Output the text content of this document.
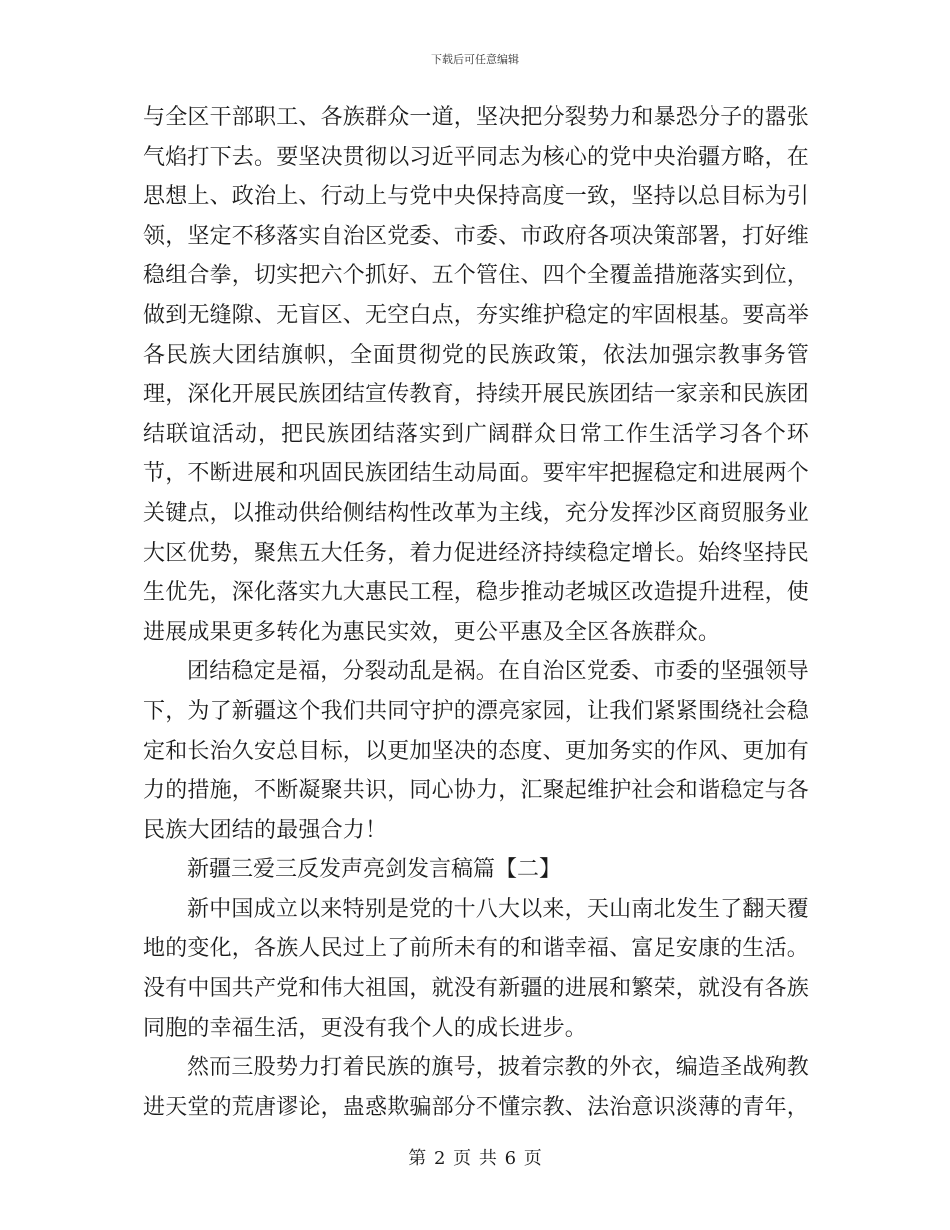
下载后可任意编辑

与全区干部职工、各族群众一道，坚决把分裂势力和暴恐分子的嚣张气焰打下去。要坚决贯彻以习近平同志为核心的党中央治疆方略，在思想上、政治上、行动上与党中央保持高度一致，坚持以总目标为引领，坚定不移落实自治区党委、市委、市政府各项决策部署，打好维稳组合拳，切实把六个抓好、五个管住、四个全覆盖措施落实到位，做到无缝隙、无盲区、无空白点，夯实维护稳定的牢固根基。要高举各民族大团结旗帜，全面贯彻党的民族政策，依法加强宗教事务管理，深化开展民族团结宣传教育，持续开展民族团结一家亲和民族团结联谊活动，把民族团结落实到广阔群众日常工作生活学习各个环节，不断进展和巩固民族团结生动局面。要牢牢把握稳定和进展两个关键点，以推动供给侧结构性改革为主线，充分发挥沙区商贸服务业大区优势，聚焦五大任务，着力促进经济持续稳定增长。始终坚持民生优先，深化落实九大惠民工程，稳步推动老城区改造提升进程，使进展成果更多转化为惠民实效，更公平惠及全区各族群众。

团结稳定是福，分裂动乱是祸。在自治区党委、市委的坚强领导下，为了新疆这个我们共同守护的漂亮家园，让我们紧紧围绕社会稳定和长治久安总目标，以更加坚决的态度、更加务实的作风、更加有力的措施，不断凝聚共识，同心协力，汇聚起维护社会和谐稳定与各民族大团结的最强合力！

新疆三爱三反发声亮剑发言稿篇【二】

新中国成立以来特别是党的十八大以来，天山南北发生了翻天覆地的变化，各族人民过上了前所未有的和谐幸福、富足安康的生活。没有中国共产党和伟大祖国，就没有新疆的进展和繁荣，就没有各族同胞的幸福生活，更没有我个人的成长进步。

然而三股势力打着民族的旗号，披着宗教的外衣，编造圣战殉教进天堂的荒唐谬论，蛊惑欺骗部分不懂宗教、法治意识淡薄的青年，

第 2 页 共 6 页
